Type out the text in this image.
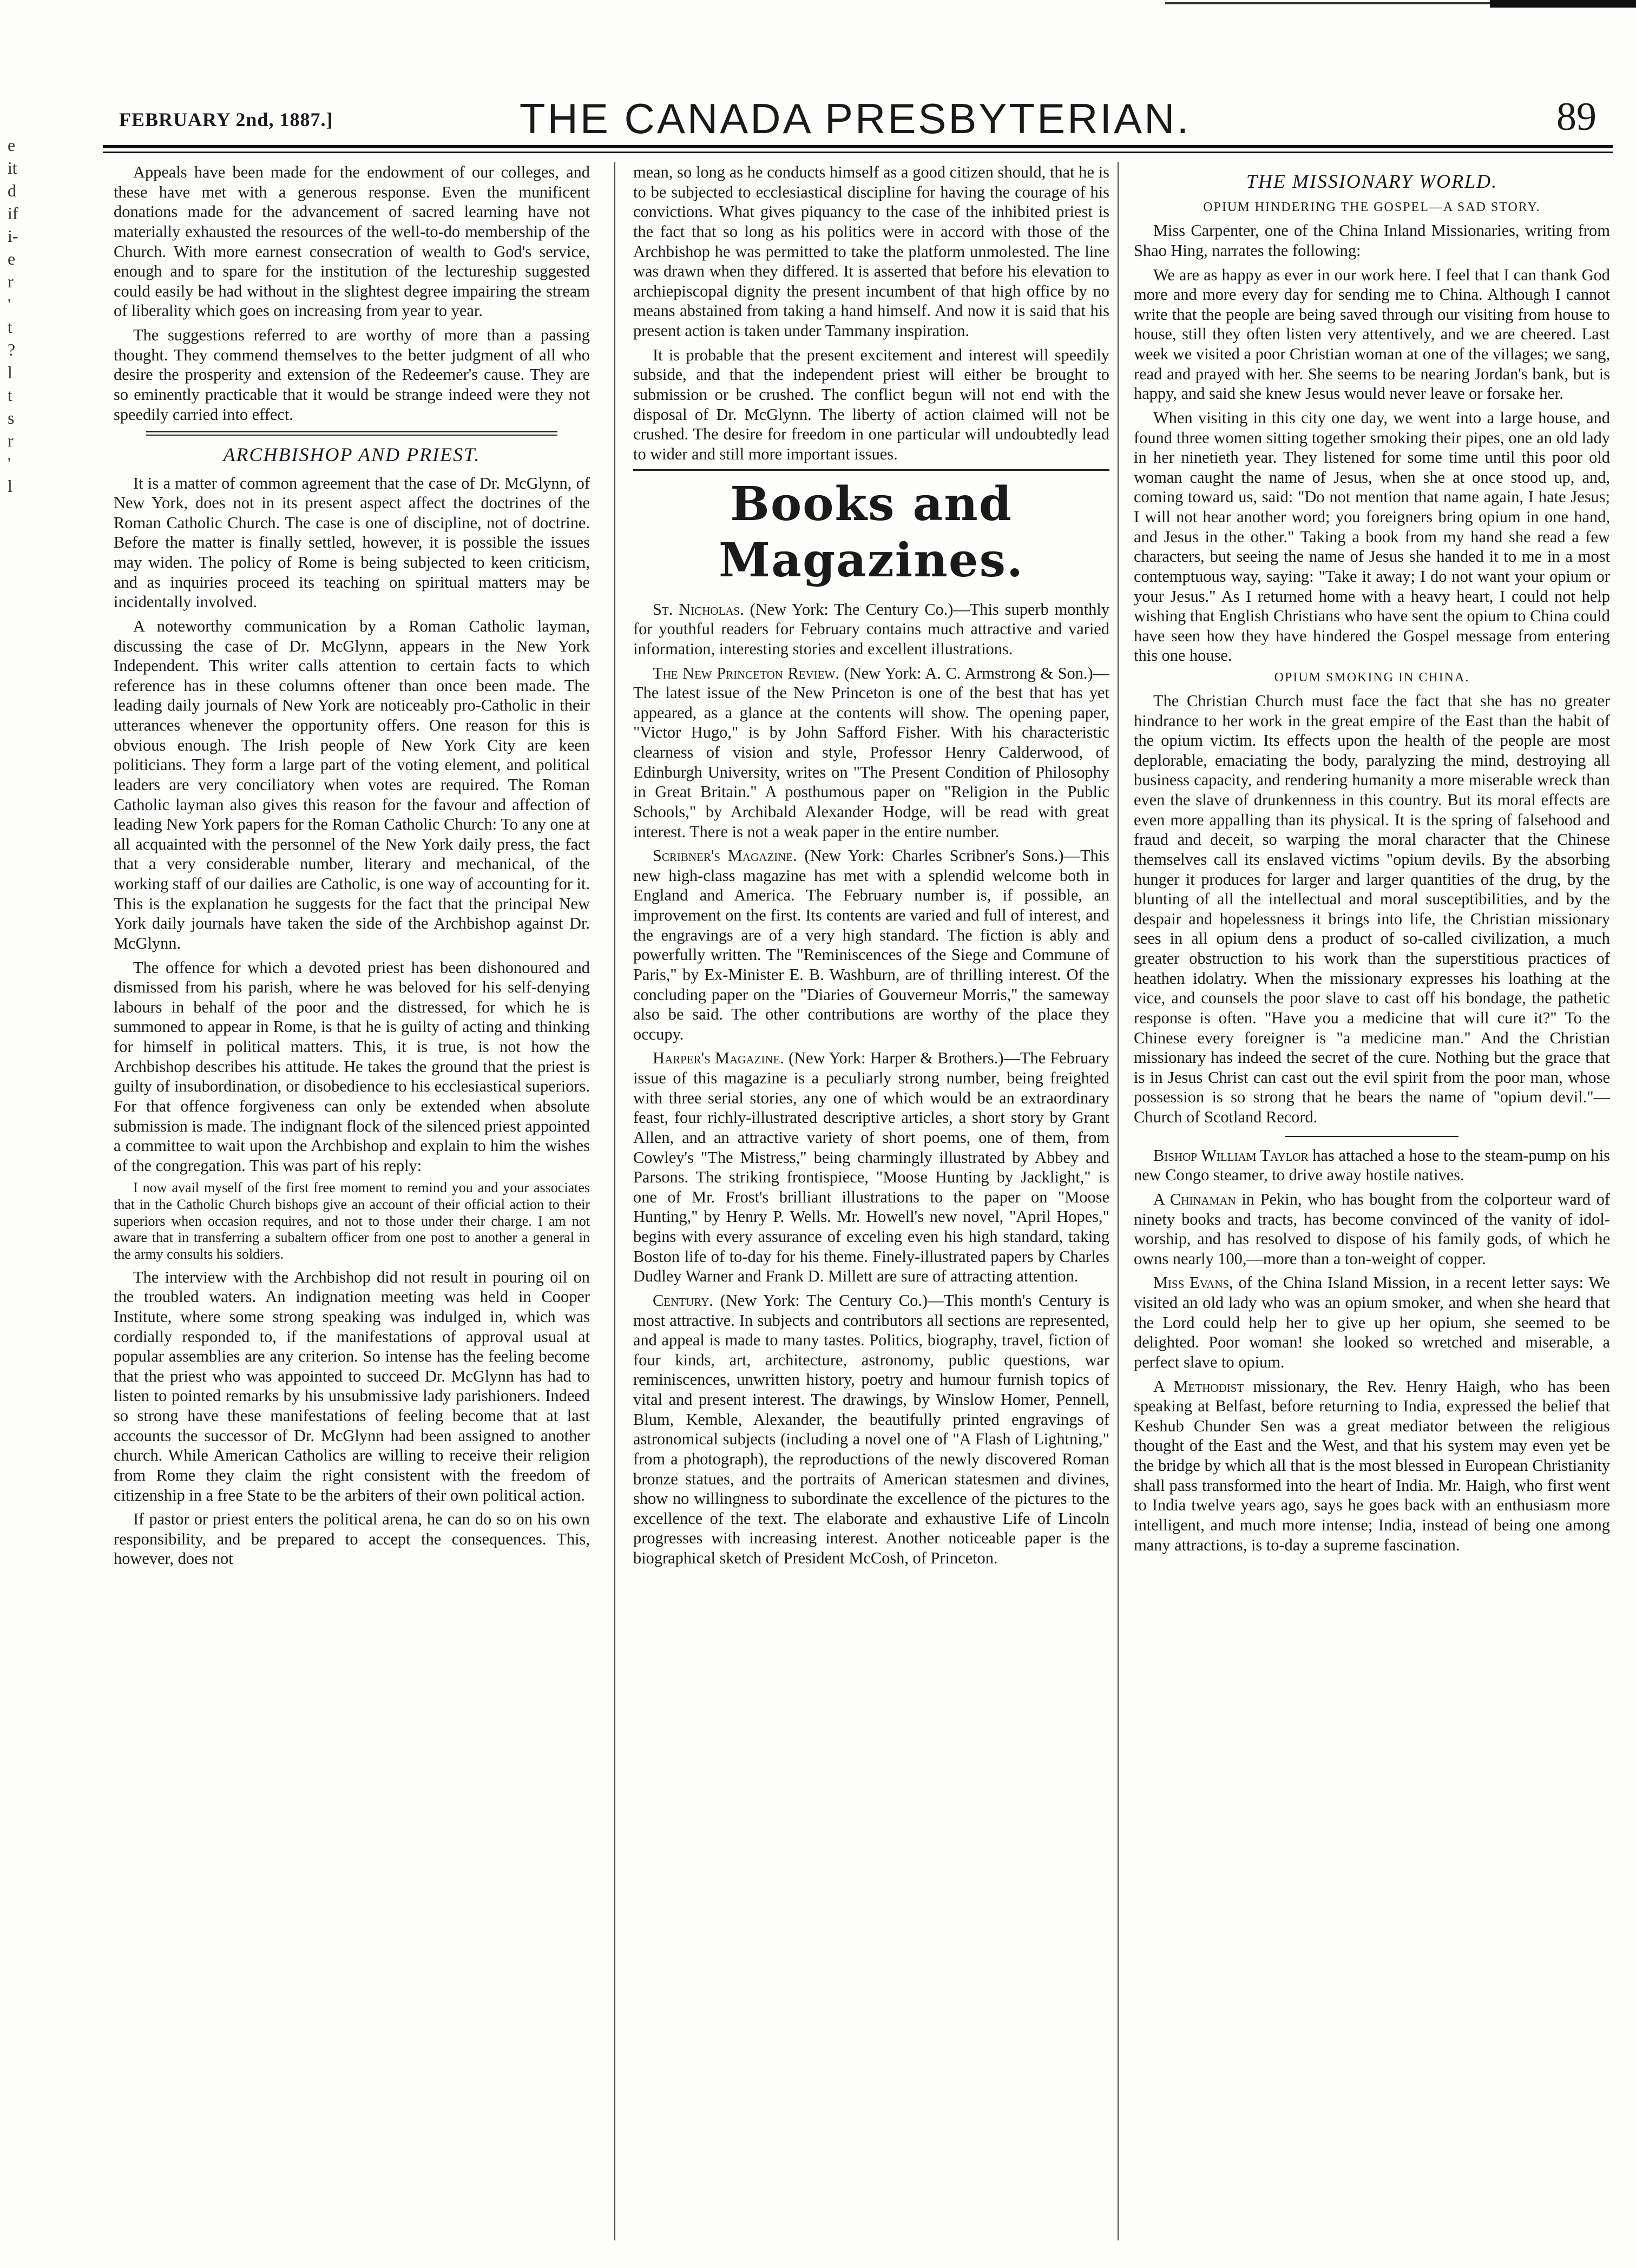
e
it
d
if
i-
e
r
'
t
?
l
t
s
r
'
l
FEBRUARY 2nd, 1887.]	THE CANADA PRESBYTERIAN.	89

Appeals have been made for the endowment of our colleges, and these have met with a generous response. Even the munificent donations made for the advancement of sacred learning have not materially exhausted the resources of the well-to-do membership of the Church. With more earnest consecration of wealth to God's service, enough and to spare for the institution of the lectureship suggested could easily be had without in the slightest degree impairing the stream of liberality which goes on increasing from year to year.

The suggestions referred to are worthy of more than a passing thought. They commend themselves to the better judgment of all who desire the prosperity and extension of the Redeemer's cause. They are so eminently practicable that it would be strange indeed were they not speedily carried into effect.

ARCHBISHOP AND PRIEST.

It is a matter of common agreement that the case of Dr. McGlynn, of New York, does not in its present aspect affect the doctrines of the Roman Catholic Church. The case is one of discipline, not of doctrine. Before the matter is finally settled, however, it is possible the issues may widen. The policy of Rome is being subjected to keen criticism, and as inquiries proceed its teaching on spiritual matters may be incidentally involved.

A noteworthy communication by a Roman Catholic layman, discussing the case of Dr. McGlynn, appears in the New York Independent. This writer calls attention to certain facts to which reference has in these columns oftener than once been made. The leading daily journals of New York are noticeably pro-Catholic in their utterances whenever the opportunity offers. One reason for this is obvious enough. The Irish people of New York City are keen politicians. They form a large part of the voting element, and political leaders are very conciliatory when votes are required. The Roman Catholic layman also gives this reason for the favour and affection of leading New York papers for the Roman Catholic Church: To any one at all acquainted with the personnel of the New York daily press, the fact that a very considerable number, literary and mechanical, of the working staff of our dailies are Catholic, is one way of accounting for it. This is the explanation he suggests for the fact that the principal New York daily journals have taken the side of the Archbishop against Dr. McGlynn.

The offence for which a devoted priest has been dishonoured and dismissed from his parish, where he was beloved for his self-denying labours in behalf of the poor and the distressed, for which he is summoned to appear in Rome, is that he is guilty of acting and thinking for himself in political matters. This, it is true, is not how the Archbishop describes his attitude. He takes the ground that the priest is guilty of insubordination, or disobedience to his ecclesiastical superiors. For that offence forgiveness can only be extended when absolute submission is made. The indignant flock of the silenced priest appointed a committee to wait upon the Archbishop and explain to him the wishes of the congregation. This was part of his reply:

I now avail myself of the first free moment to remind you and your associates that in the Catholic Church bishops give an account of their official action to their superiors when occasion requires, and not to those under their charge. I am not aware that in transferring a subaltern officer from one post to another a general in the army consults his soldiers.

The interview with the Archbishop did not result in pouring oil on the troubled waters. An indignation meeting was held in Cooper Institute, where some strong speaking was indulged in, which was cordially responded to, if the manifestations of approval usual at popular assemblies are any criterion. So intense has the feeling become that the priest who was appointed to succeed Dr. McGlynn has had to listen to pointed remarks by his unsubmissive lady parishioners. Indeed so strong have these manifestations of feeling become that at last accounts the successor of Dr. McGlynn had been assigned to another church. While American Catholics are willing to receive their religion from Rome they claim the right consistent with the freedom of citizenship in a free State to be the arbiters of their own political action.

If pastor or priest enters the political arena, he can do so on his own responsibility, and be prepared to accept the consequences. This, however, does not

mean, so long as he conducts himself as a good citizen should, that he is to be subjected to ecclesiastical discipline for having the courage of his convictions. What gives piquancy to the case of the inhibited priest is the fact that so long as his politics were in accord with those of the Archbishop he was permitted to take the platform unmolested. The line was drawn when they differed. It is asserted that before his elevation to archiepiscopal dignity the present incumbent of that high office by no means abstained from taking a hand himself. And now it is said that his present action is taken under Tammany inspiration.

It is probable that the present excitement and interest will speedily subside, and that the independent priest will either be brought to submission or be crushed. The conflict begun will not end with the disposal of Dr. McGlynn. The liberty of action claimed will not be crushed. The desire for freedom in one particular will undoubtedly lead to wider and still more important issues.

Books and Magazines.

St. Nicholas. (New York: The Century Co.)—This superb monthly for youthful readers for February contains much attractive and varied information, interesting stories and excellent illustrations.

The New Princeton Review. (New York: A. C. Armstrong & Son.)—The latest issue of the New Princeton is one of the best that has yet appeared, as a glance at the contents will show. The opening paper, "Victor Hugo," is by John Safford Fisher. With his characteristic clearness of vision and style, Professor Henry Calderwood, of Edinburgh University, writes on "The Present Condition of Philosophy in Great Britain." A posthumous paper on "Religion in the Public Schools," by Archibald Alexander Hodge, will be read with great interest. There is not a weak paper in the entire number.

Scribner's Magazine. (New York: Charles Scribner's Sons.)—This new high-class magazine has met with a splendid welcome both in England and America. The February number is, if possible, an improvement on the first. Its contents are varied and full of interest, and the engravings are of a very high standard. The fiction is ably and powerfully written. The "Reminiscences of the Siege and Commune of Paris," by Ex-Minister E. B. Washburn, are of thrilling interest. Of the concluding paper on the "Diaries of Gouverneur Morris," the sameway also be said. The other contributions are worthy of the place they occupy.

Harper's Magazine. (New York: Harper & Brothers.)—The February issue of this magazine is a peculiarly strong number, being freighted with three serial stories, any one of which would be an extraordinary feast, four richly-illustrated descriptive articles, a short story by Grant Allen, and an attractive variety of short poems, one of them, from Cowley's "The Mistress," being charmingly illustrated by Abbey and Parsons. The striking frontispiece, "Moose Hunting by Jacklight," is one of Mr. Frost's brilliant illustrations to the paper on "Moose Hunting," by Henry P. Wells. Mr. Howell's new novel, "April Hopes," begins with every assurance of exceling even his high standard, taking Boston life of to-day for his theme. Finely-illustrated papers by Charles Dudley Warner and Frank D. Millett are sure of attracting attention.

Century. (New York: The Century Co.)—This month's Century is most attractive. In subjects and contributors all sections are represented, and appeal is made to many tastes. Politics, biography, travel, fiction of four kinds, art, architecture, astronomy, public questions, war reminiscences, unwritten history, poetry and humour furnish topics of vital and present interest. The drawings, by Winslow Homer, Pennell, Blum, Kemble, Alexander, the beautifully printed engravings of astronomical subjects (including a novel one of "A Flash of Lightning," from a photograph), the reproductions of the newly discovered Roman bronze statues, and the portraits of American statesmen and divines, show no willingness to subordinate the excellence of the pictures to the excellence of the text. The elaborate and exhaustive Life of Lincoln progresses with increasing interest. Another noticeable paper is the biographical sketch of President McCosh, of Princeton.

THE MISSIONARY WORLD.
OPIUM HINDERING THE GOSPEL—A SAD STORY.

Miss Carpenter, one of the China Inland Missionaries, writing from Shao Hing, narrates the following:

We are as happy as ever in our work here. I feel that I can thank God more and more every day for sending me to China. Although I cannot write that the people are being saved through our visiting from house to house, still they often listen very attentively, and we are cheered. Last week we visited a poor Christian woman at one of the villages; we sang, read and prayed with her. She seems to be nearing Jordan's bank, but is happy, and said she knew Jesus would never leave or forsake her.

When visiting in this city one day, we went into a large house, and found three women sitting together smoking their pipes, one an old lady in her ninetieth year. They listened for some time until this poor old woman caught the name of Jesus, when she at once stood up, and, coming toward us, said: "Do not mention that name again, I hate Jesus; I will not hear another word; you foreigners bring opium in one hand, and Jesus in the other." Taking a book from my hand she read a few characters, but seeing the name of Jesus she handed it to me in a most contemptuous way, saying: "Take it away; I do not want your opium or your Jesus." As I returned home with a heavy heart, I could not help wishing that English Christians who have sent the opium to China could have seen how they have hindered the Gospel message from entering this one house.

OPIUM SMOKING IN CHINA.

The Christian Church must face the fact that she has no greater hindrance to her work in the great empire of the East than the habit of the opium victim. Its effects upon the health of the people are most deplorable, emaciating the body, paralyzing the mind, destroying all business capacity, and rendering humanity a more miserable wreck than even the slave of drunkenness in this country. But its moral effects are even more appalling than its physical. It is the spring of falsehood and fraud and deceit, so warping the moral character that the Chinese themselves call its enslaved victims "opium devils. By the absorbing hunger it produces for larger and larger quantities of the drug, by the blunting of all the intellectual and moral susceptibilities, and by the despair and hopelessness it brings into life, the Christian missionary sees in all opium dens a product of so-called civilization, a much greater obstruction to his work than the superstitious practices of heathen idolatry. When the missionary expresses his loathing at the vice, and counsels the poor slave to cast off his bondage, the pathetic response is often. "Have you a medicine that will cure it?" To the Chinese every foreigner is "a medicine man." And the Christian missionary has indeed the secret of the cure. Nothing but the grace that is in Jesus Christ can cast out the evil spirit from the poor man, whose possession is so strong that he bears the name of "opium devil."—Church of Scotland Record.

Bishop William Taylor has attached a hose to the steam-pump on his new Congo steamer, to drive away hostile natives.

A Chinaman in Pekin, who has bought from the colporteur ward of ninety books and tracts, has become convinced of the vanity of idol-worship, and has resolved to dispose of his family gods, of which he owns nearly 100,—more than a ton-weight of copper.

Miss Evans, of the China Island Mission, in a recent letter says: We visited an old lady who was an opium smoker, and when she heard that the Lord could help her to give up her opium, she seemed to be delighted. Poor woman! she looked so wretched and miserable, a perfect slave to opium.

A Methodist missionary, the Rev. Henry Haigh, who has been speaking at Belfast, before returning to India, expressed the belief that Keshub Chunder Sen was a great mediator between the religious thought of the East and the West, and that his system may even yet be the bridge by which all that is the most blessed in European Christianity shall pass transformed into the heart of India. Mr. Haigh, who first went to India twelve years ago, says he goes back with an enthusiasm more intelligent, and much more intense; India, instead of being one among many attractions, is to-day a supreme fascination.
